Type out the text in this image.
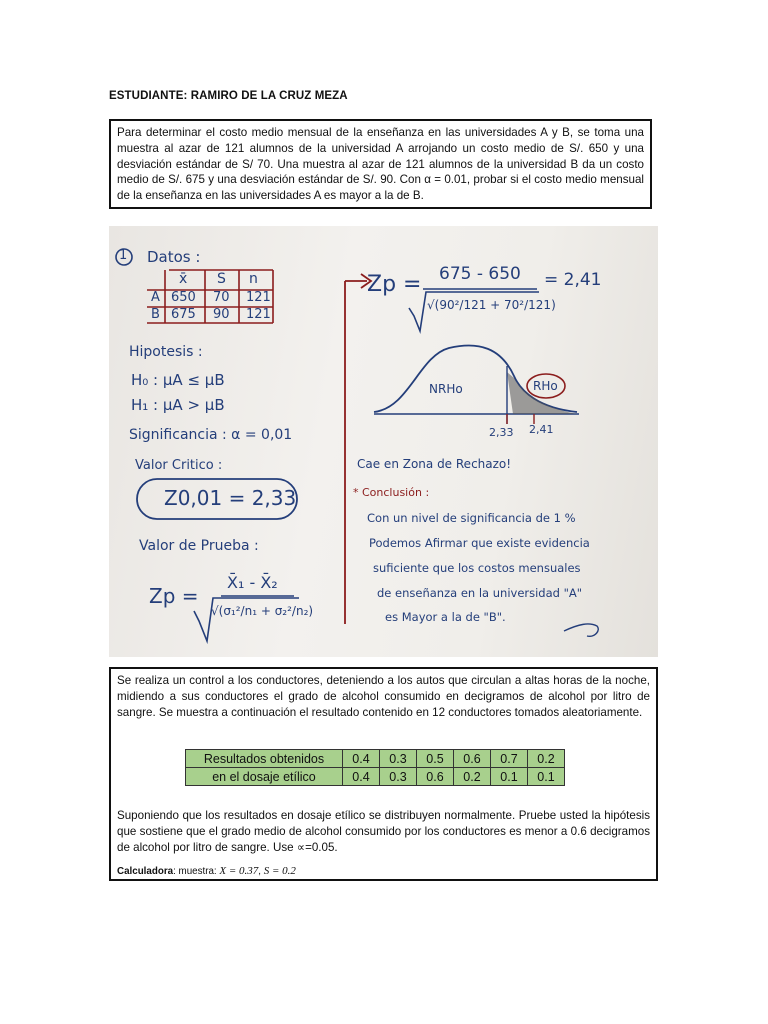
ESTUDIANTE: RAMIRO DE LA CRUZ MEZA
Para determinar el costo medio mensual de la enseñanza en las universidades A y B, se toma una muestra al azar de 121 alumnos de la universidad A arrojando un costo medio de S/. 650 y una desviación estándar de S/ 70. Una muestra al azar de 121 alumnos de la universidad B da un costo medio de S/. 675 y una desviación estándar de S/. 90. Con α = 0.01, probar si el costo medio mensual de la enseñanza en las universidades A es mayor a la de B.
1 Datos :
x̄ S n
A 650 70 121
B 675 90 121
Hipotesis :
H₀ : μA ≤ μB
H₁ : μA > μB
Significancia : α = 0,01
Valor Critico :
Z0,01 = 2,33
Valor de Prueba :
Zp =
X̄₁ - X̄₂
√(σ₁²/n₁ + σ₂²/n₂)
Zp = 675 - 650
√(90²/121 + 70²/121)
= 2,41
NRHo	RHo
2,33 2,41
Cae en Zona de Rechazo!
* Conclusión :
Con un nivel de significancia de 1 %
Podemos Afirmar que existe evidencia
suficiente que los costos mensuales
de enseñanza en la universidad "A"
es Mayor a la de "B".
Se realiza un control a los conductores, deteniendo a los autos que circulan a altas horas de la noche, midiendo a sus conductores el grado de alcohol consumido en decigramos de alcohol por litro de sangre. Se muestra a continuación el resultado contenido en 12 conductores tomados aleatoriamente.
Suponiendo que los resultados en dosaje etílico se distribuyen normalmente. Pruebe usted la hipótesis que sostiene que el grado medio de alcohol consumido por los conductores es menor a 0.6 decigramos de alcohol por litro de sangre. Use ∝=0.05.
Calculadora: muestra: X = 0.37, S = 0.2
Resultados obtenidos	0.4	0.3	0.5	0.6	0.7	0.2
en el dosaje etílico	0.4	0.3	0.6	0.2	0.1	0.1
